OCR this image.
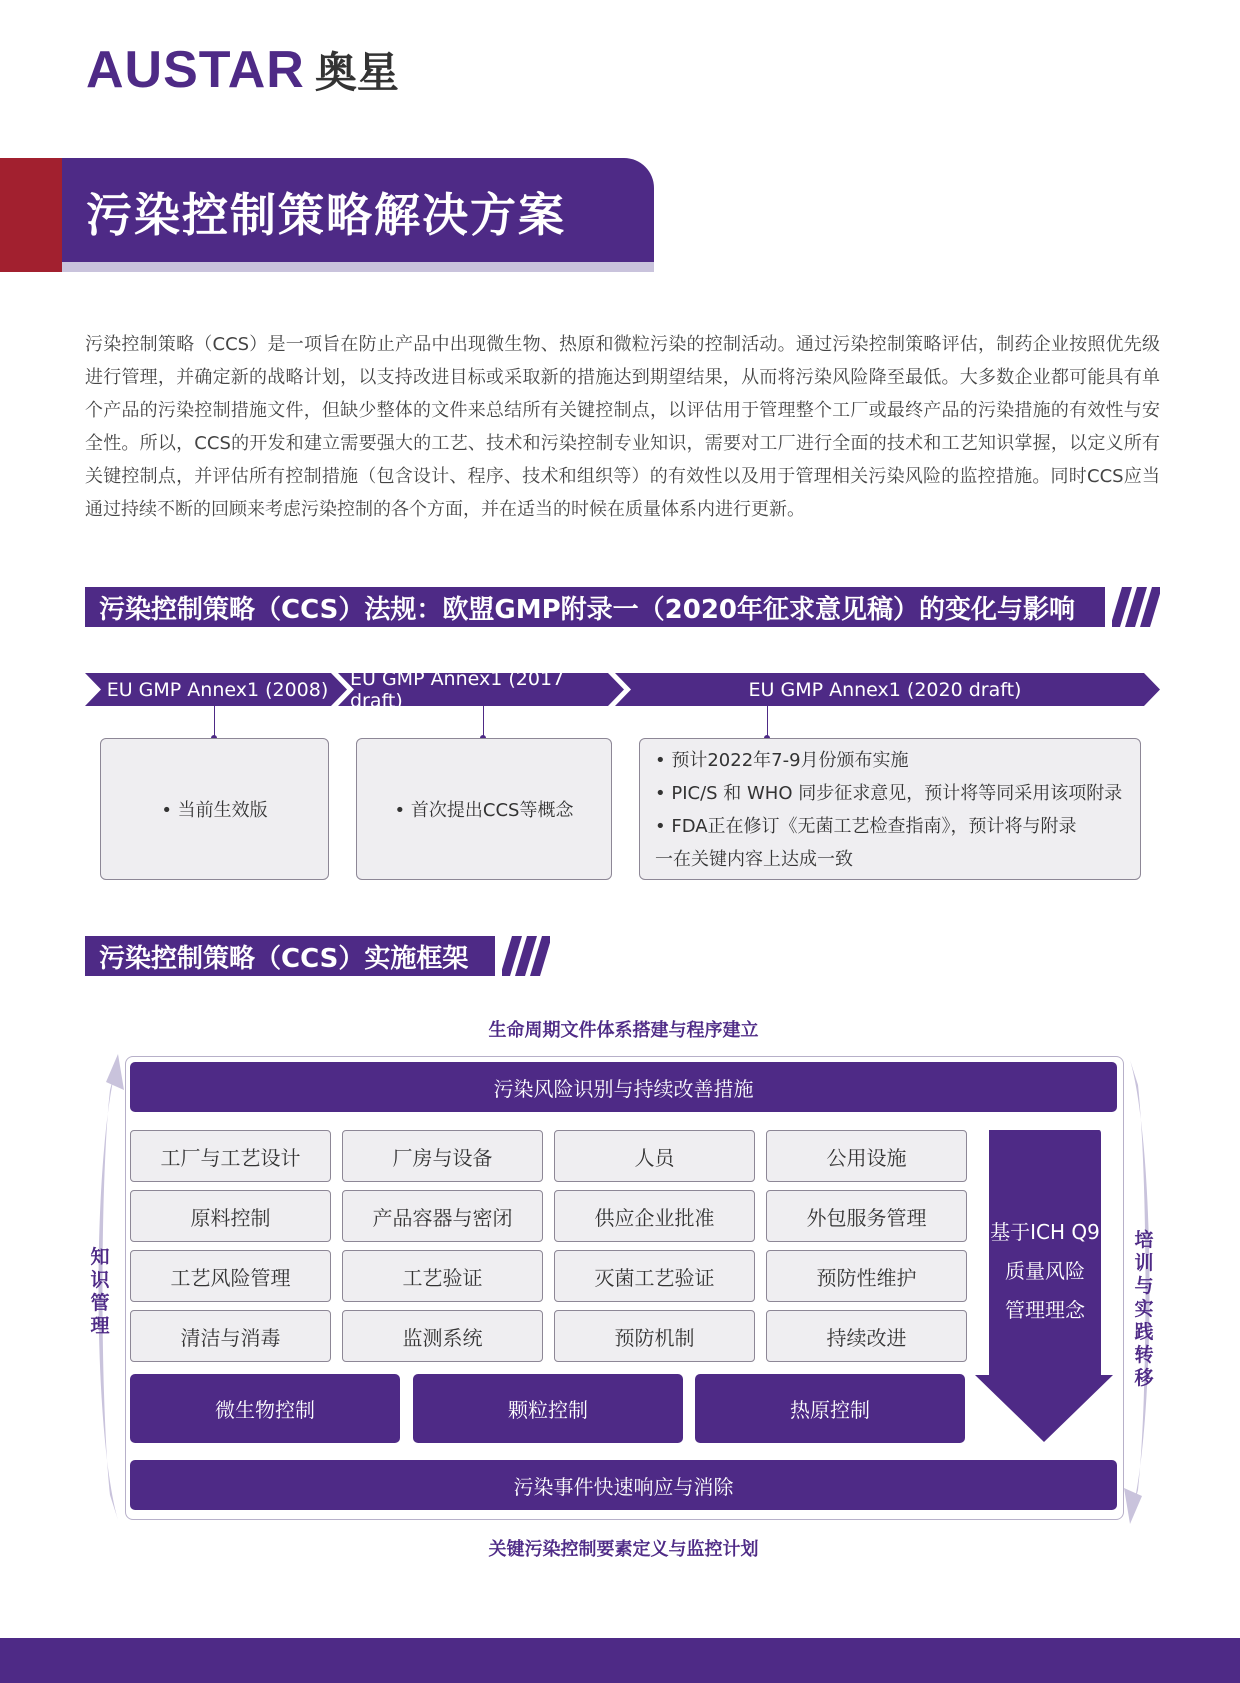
AUSTAR 奥星
污染控制策略解决方案
污染控制策略（CCS）是一项旨在防止产品中出现微生物、热原和微粒污染的控制活动。通过污染控制策略评估，制药企业按照优先级进行管理，并确定新的战略计划，以支持改进目标或采取新的措施达到期望结果，从而将污染风险降至最低。大多数企业都可能具有单个产品的污染控制措施文件，但缺少整体的文件来总结所有关键控制点，以评估用于管理整个工厂或最终产品的污染措施的有效性与安全性。所以，CCS的开发和建立需要强大的工艺、技术和污染控制专业知识，需要对工厂进行全面的技术和工艺知识掌握，以定义所有关键控制点，并评估所有控制措施（包含设计、程序、技术和组织等）的有效性以及用于管理相关污染风险的监控措施。同时CCS应当通过持续不断的回顾来考虑污染控制的各个方面，并在适当的时候在质量体系内进行更新。
污染控制策略（CCS）法规：欧盟GMP附录一（2020年征求意见稿）的变化与影响
EU GMP Annex1 (2008)	EU GMP Annex1 (2017 draft)	EU GMP Annex1 (2020 draft)
• 当前生效版	• 首次提出CCS等概念
• 预计2022年7-9月份颁布实施
• PIC/S 和 WHO 同步征求意见，预计将等同采用该项附录
• FDA正在修订《无菌工艺检查指南》，预计将与附录
一在关键内容上达成一致
污染控制策略（CCS）实施框架
生命周期文件体系搭建与程序建立
关键污染控制要素定义与监控计划
知识管理
培训与实践转移
污染风险识别与持续改善措施
工厂与工艺设计	厂房与设备	人员	公用设施
原料控制	产品容器与密闭	供应企业批准	外包服务管理
工艺风险管理	工艺验证	灭菌工艺验证	预防性维护
清洁与消毒	监测系统	预防机制	持续改进
微生物控制	颗粒控制	热原控制
基于ICH Q9
质量风险
管理理念
污染事件快速响应与消除
